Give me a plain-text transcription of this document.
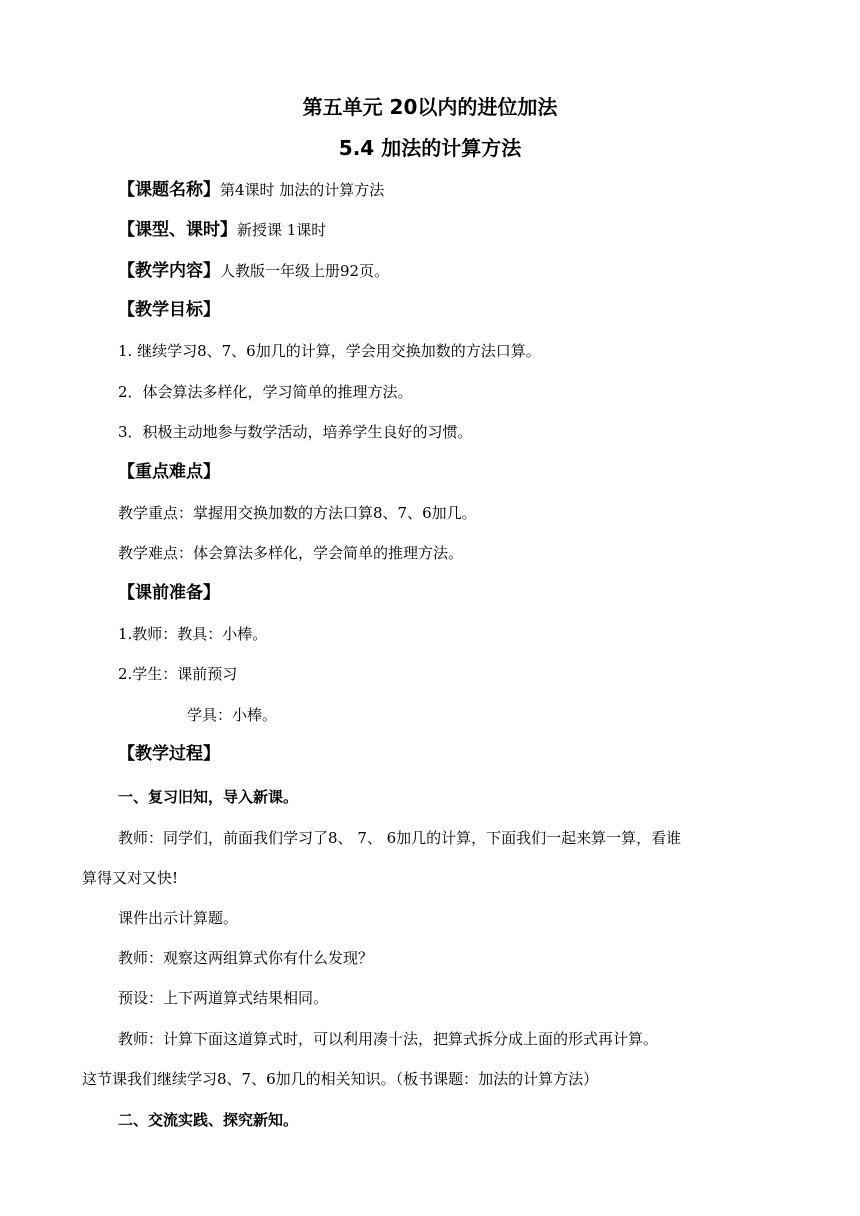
第五单元 20以内的进位加法
5.4 加法的计算方法
【课题名称】第4课时 加法的计算方法
【课型、课时】新授课 1课时
【教学内容】人教版一年级上册92页。
【教学目标】
1. 继续学习8、7、6加几的计算，学会用交换加数的方法口算。
2．体会算法多样化，学习简单的推理方法。
3．积极主动地参与数学活动，培养学生良好的习惯。
【重点难点】
教学重点：掌握用交换加数的方法口算8、7、6加几。
教学难点：体会算法多样化，学会简单的推理方法。
【课前准备】
1.教师：教具：小棒。
2.学生：课前预习
学具：小棒。
【教学过程】
一、复习旧知，导入新课。
教师：同学们，前面我们学习了8、 7、 6加几的计算，下面我们一起来算一算，看谁
算得又对又快!
课件出示计算题。
教师：观察这两组算式你有什么发现？
预设：上下两道算式结果相同。
教师：计算下面这道算式时，可以利用凑十法，把算式拆分成上面的形式再计算。
这节课我们继续学习8、7、6加几的相关知识。（板书课题：加法的计算方法）
二、交流实践、探究新知。
